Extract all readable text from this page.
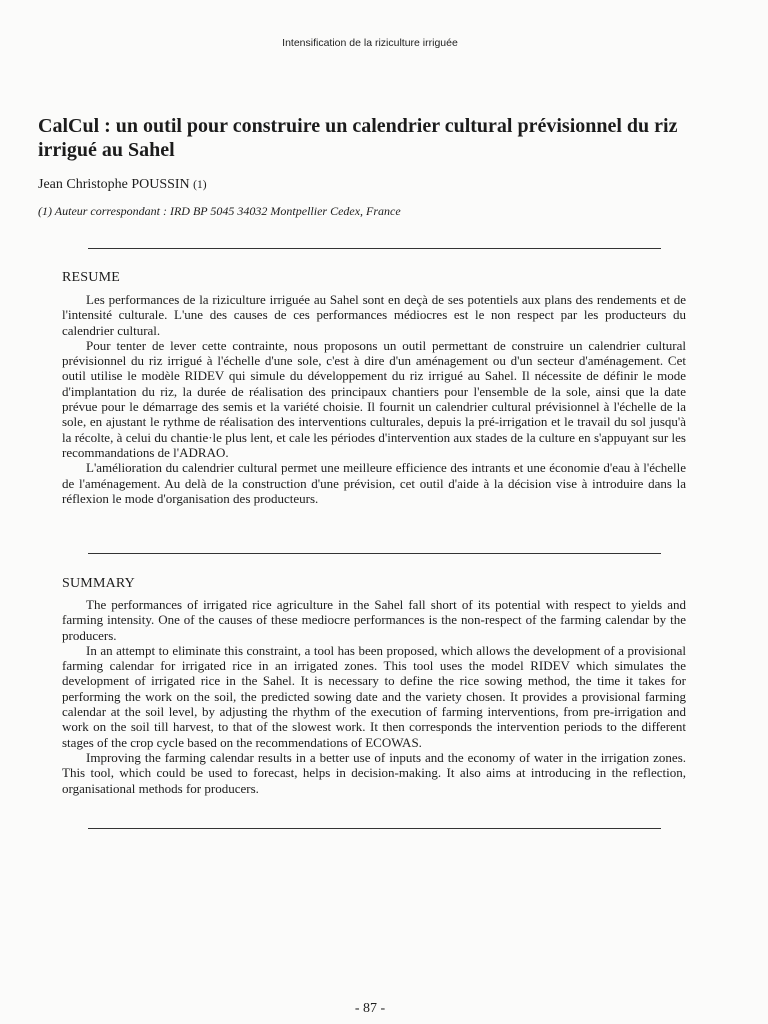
Intensification de la riziculture irriguée
CalCul : un outil pour construire un calendrier cultural prévisionnel du riz irrigué au Sahel
Jean Christophe POUSSIN (1)
(1) Auteur correspondant : IRD BP 5045 34032 Montpellier Cedex, France
RESUME

Les performances de la riziculture irriguée au Sahel sont en deçà de ses potentiels aux plans des rendements et de l'intensité culturale. L'une des causes de ces performances médiocres est le non respect par les producteurs du calendrier cultural.

Pour tenter de lever cette contrainte, nous proposons un outil permettant de construire un calendrier cultural prévisionnel du riz irrigué à l'échelle d'une sole, c'est à dire d'un aménagement ou d'un secteur d'aménagement. Cet outil utilise le modèle RIDEV qui simule du développement du riz irrigué au Sahel. Il nécessite de définir le mode d'implantation du riz, la durée de réalisation des principaux chantiers pour l'ensemble de la sole, ainsi que la date prévue pour le démarrage des semis et la variété choisie. Il fournit un calendrier cultural prévisionnel à l'échelle de la sole, en ajustant le rythme de réalisation des interventions culturales, depuis la pré-irrigation et le travail du sol jusqu'à la récolte, à celui du chantie·le plus lent, et cale les périodes d'intervention aux stades de la culture en s'appuyant sur les recommandations de l'ADRAO.

L'amélioration du calendrier cultural permet une meilleure efficience des intrants et une économie d'eau à l'échelle de l'aménagement. Au delà de la construction d'une prévision, cet outil d'aide à la décision vise à introduire dans la réflexion le mode d'organisation des producteurs.

SUMMARY

The performances of irrigated rice agriculture in the Sahel fall short of its potential with respect to yields and farming intensity. One of the causes of these mediocre performances is the non-respect of the farming calendar by the producers.

In an attempt to eliminate this constraint, a tool has been proposed, which allows the development of a provisional farming calendar for irrigated rice in an irrigated zones. This tool uses the model RIDEV which simulates the development of irrigated rice in the Sahel. It is necessary to define the rice sowing method, the time it takes for performing the work on the soil, the predicted sowing date and the variety chosen. It provides a provisional farming calendar at the soil level, by adjusting the rhythm of the execution of farming interventions, from pre-irrigation and work on the soil till harvest, to that of the slowest work. It then corresponds the intervention periods to the different stages of the crop cycle based on the recommendations of ECOWAS.

Improving the farming calendar results in a better use of inputs and the economy of water in the irrigation zones. This tool, which could be used to forecast, helps in decision-making. It also aims at introducing in the reflection, organisational methods for producers.

- 87 -
